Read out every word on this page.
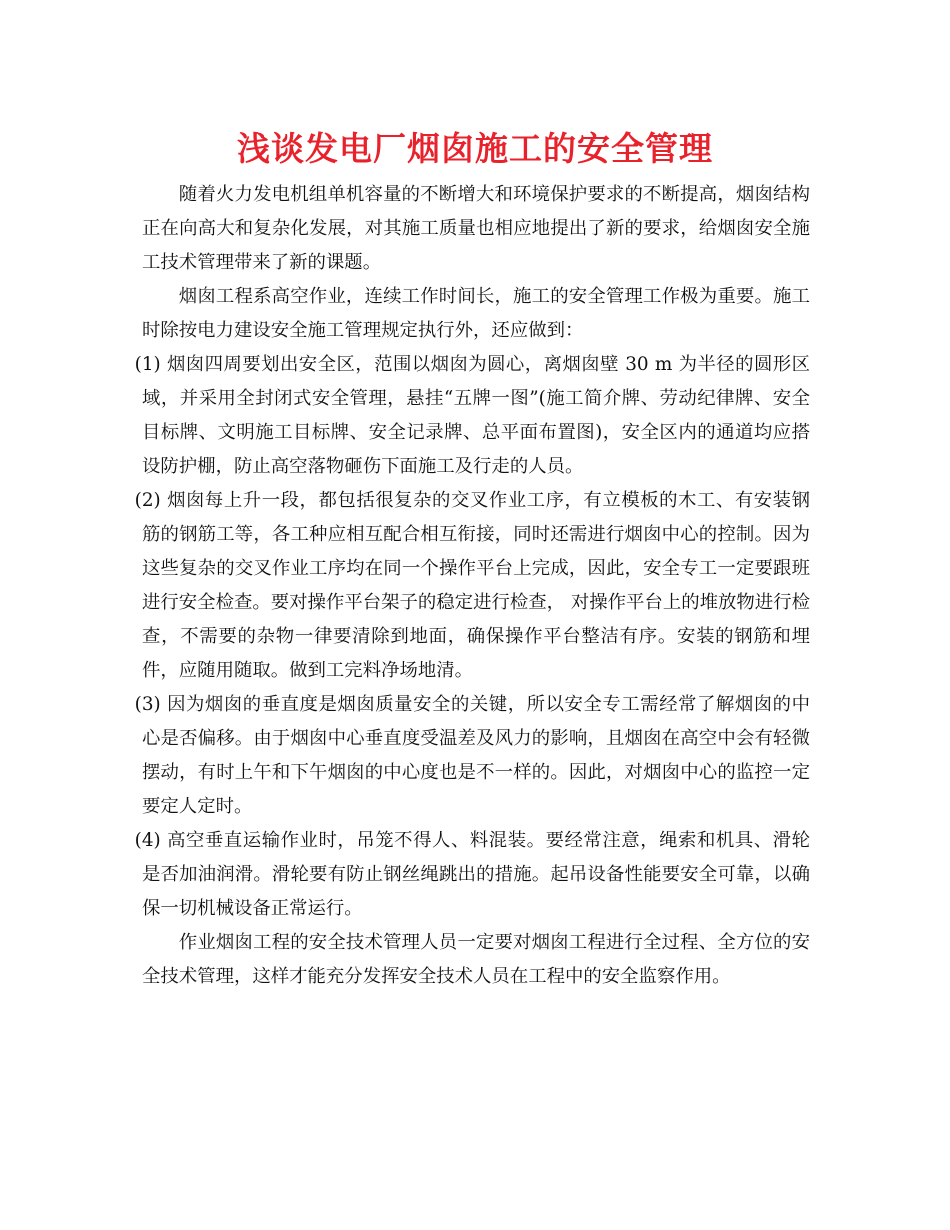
浅谈发电厂烟囱施工的安全管理

随着火力发电机组单机容量的不断增大和环境保护要求的不断提高，烟囱结构正在向高大和复杂化发展，对其施工质量也相应地提出了新的要求，给烟囱安全施工技术管理带来了新的课题。

烟囱工程系高空作业，连续工作时间长，施工的安全管理工作极为重要。施工时除按电力建设安全施工管理规定执行外，还应做到：

(1) 烟囱四周要划出安全区，范围以烟囱为圆心，离烟囱壁 30 m 为半径的圆形区域，并采用全封闭式安全管理，悬挂“五牌一图”(施工简介牌、劳动纪律牌、安全目标牌、文明施工目标牌、安全记录牌、总平面布置图)，安全区内的通道均应搭设防护棚，防止高空落物砸伤下面施工及行走的人员。

(2) 烟囱每上升一段，都包括很复杂的交叉作业工序，有立模板的木工、有安装钢筋的钢筋工等，各工种应相互配合相互衔接，同时还需进行烟囱中心的控制。因为这些复杂的交叉作业工序均在同一个操作平台上完成，因此，安全专工一定要跟班进行安全检查。要对操作平台架子的稳定进行检查， 对操作平台上的堆放物进行检查，不需要的杂物一律要清除到地面，确保操作平台整洁有序。安装的钢筋和埋件，应随用随取。做到工完料净场地清。

(3) 因为烟囱的垂直度是烟囱质量安全的关键，所以安全专工需经常了解烟囱的中心是否偏移。由于烟囱中心垂直度受温差及风力的影响，且烟囱在高空中会有轻微摆动，有时上午和下午烟囱的中心度也是不一样的。因此，对烟囱中心的监控一定要定人定时。

(4) 高空垂直运输作业时，吊笼不得人、料混装。要经常注意，绳索和机具、滑轮是否加油润滑。滑轮要有防止钢丝绳跳出的措施。起吊设备性能要安全可靠，以确保一切机械设备正常运行。

作业烟囱工程的安全技术管理人员一定要对烟囱工程进行全过程、全方位的安全技术管理，这样才能充分发挥安全技术人员在工程中的安全监察作用。
